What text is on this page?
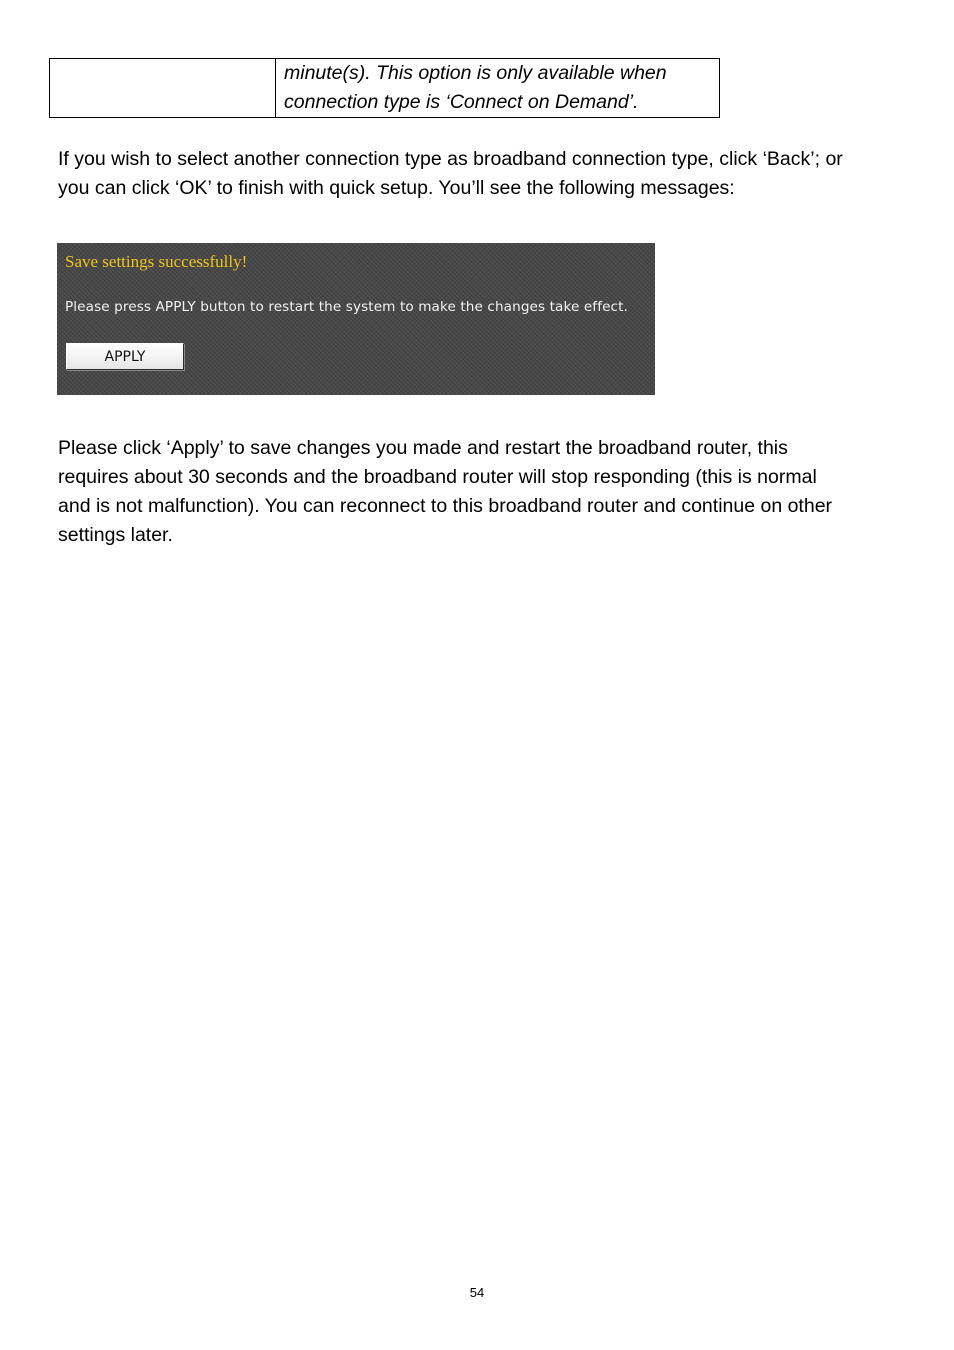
minute(s). This option is only available when
connection type is ‘Connect on Demand’.

If you wish to select another connection type as broadband connection type, click ‘Back’; or
you can click ‘OK’ to finish with quick setup. You’ll see the following messages:

Save settings successfully!
Please press APPLY button to restart the system to make the changes take effect.
APPLY

Please click ‘Apply’ to save changes you made and restart the broadband router, this
requires about 30 seconds and the broadband router will stop responding (this is normal
and is not malfunction). You can reconnect to this broadband router and continue on other
settings later.

54
